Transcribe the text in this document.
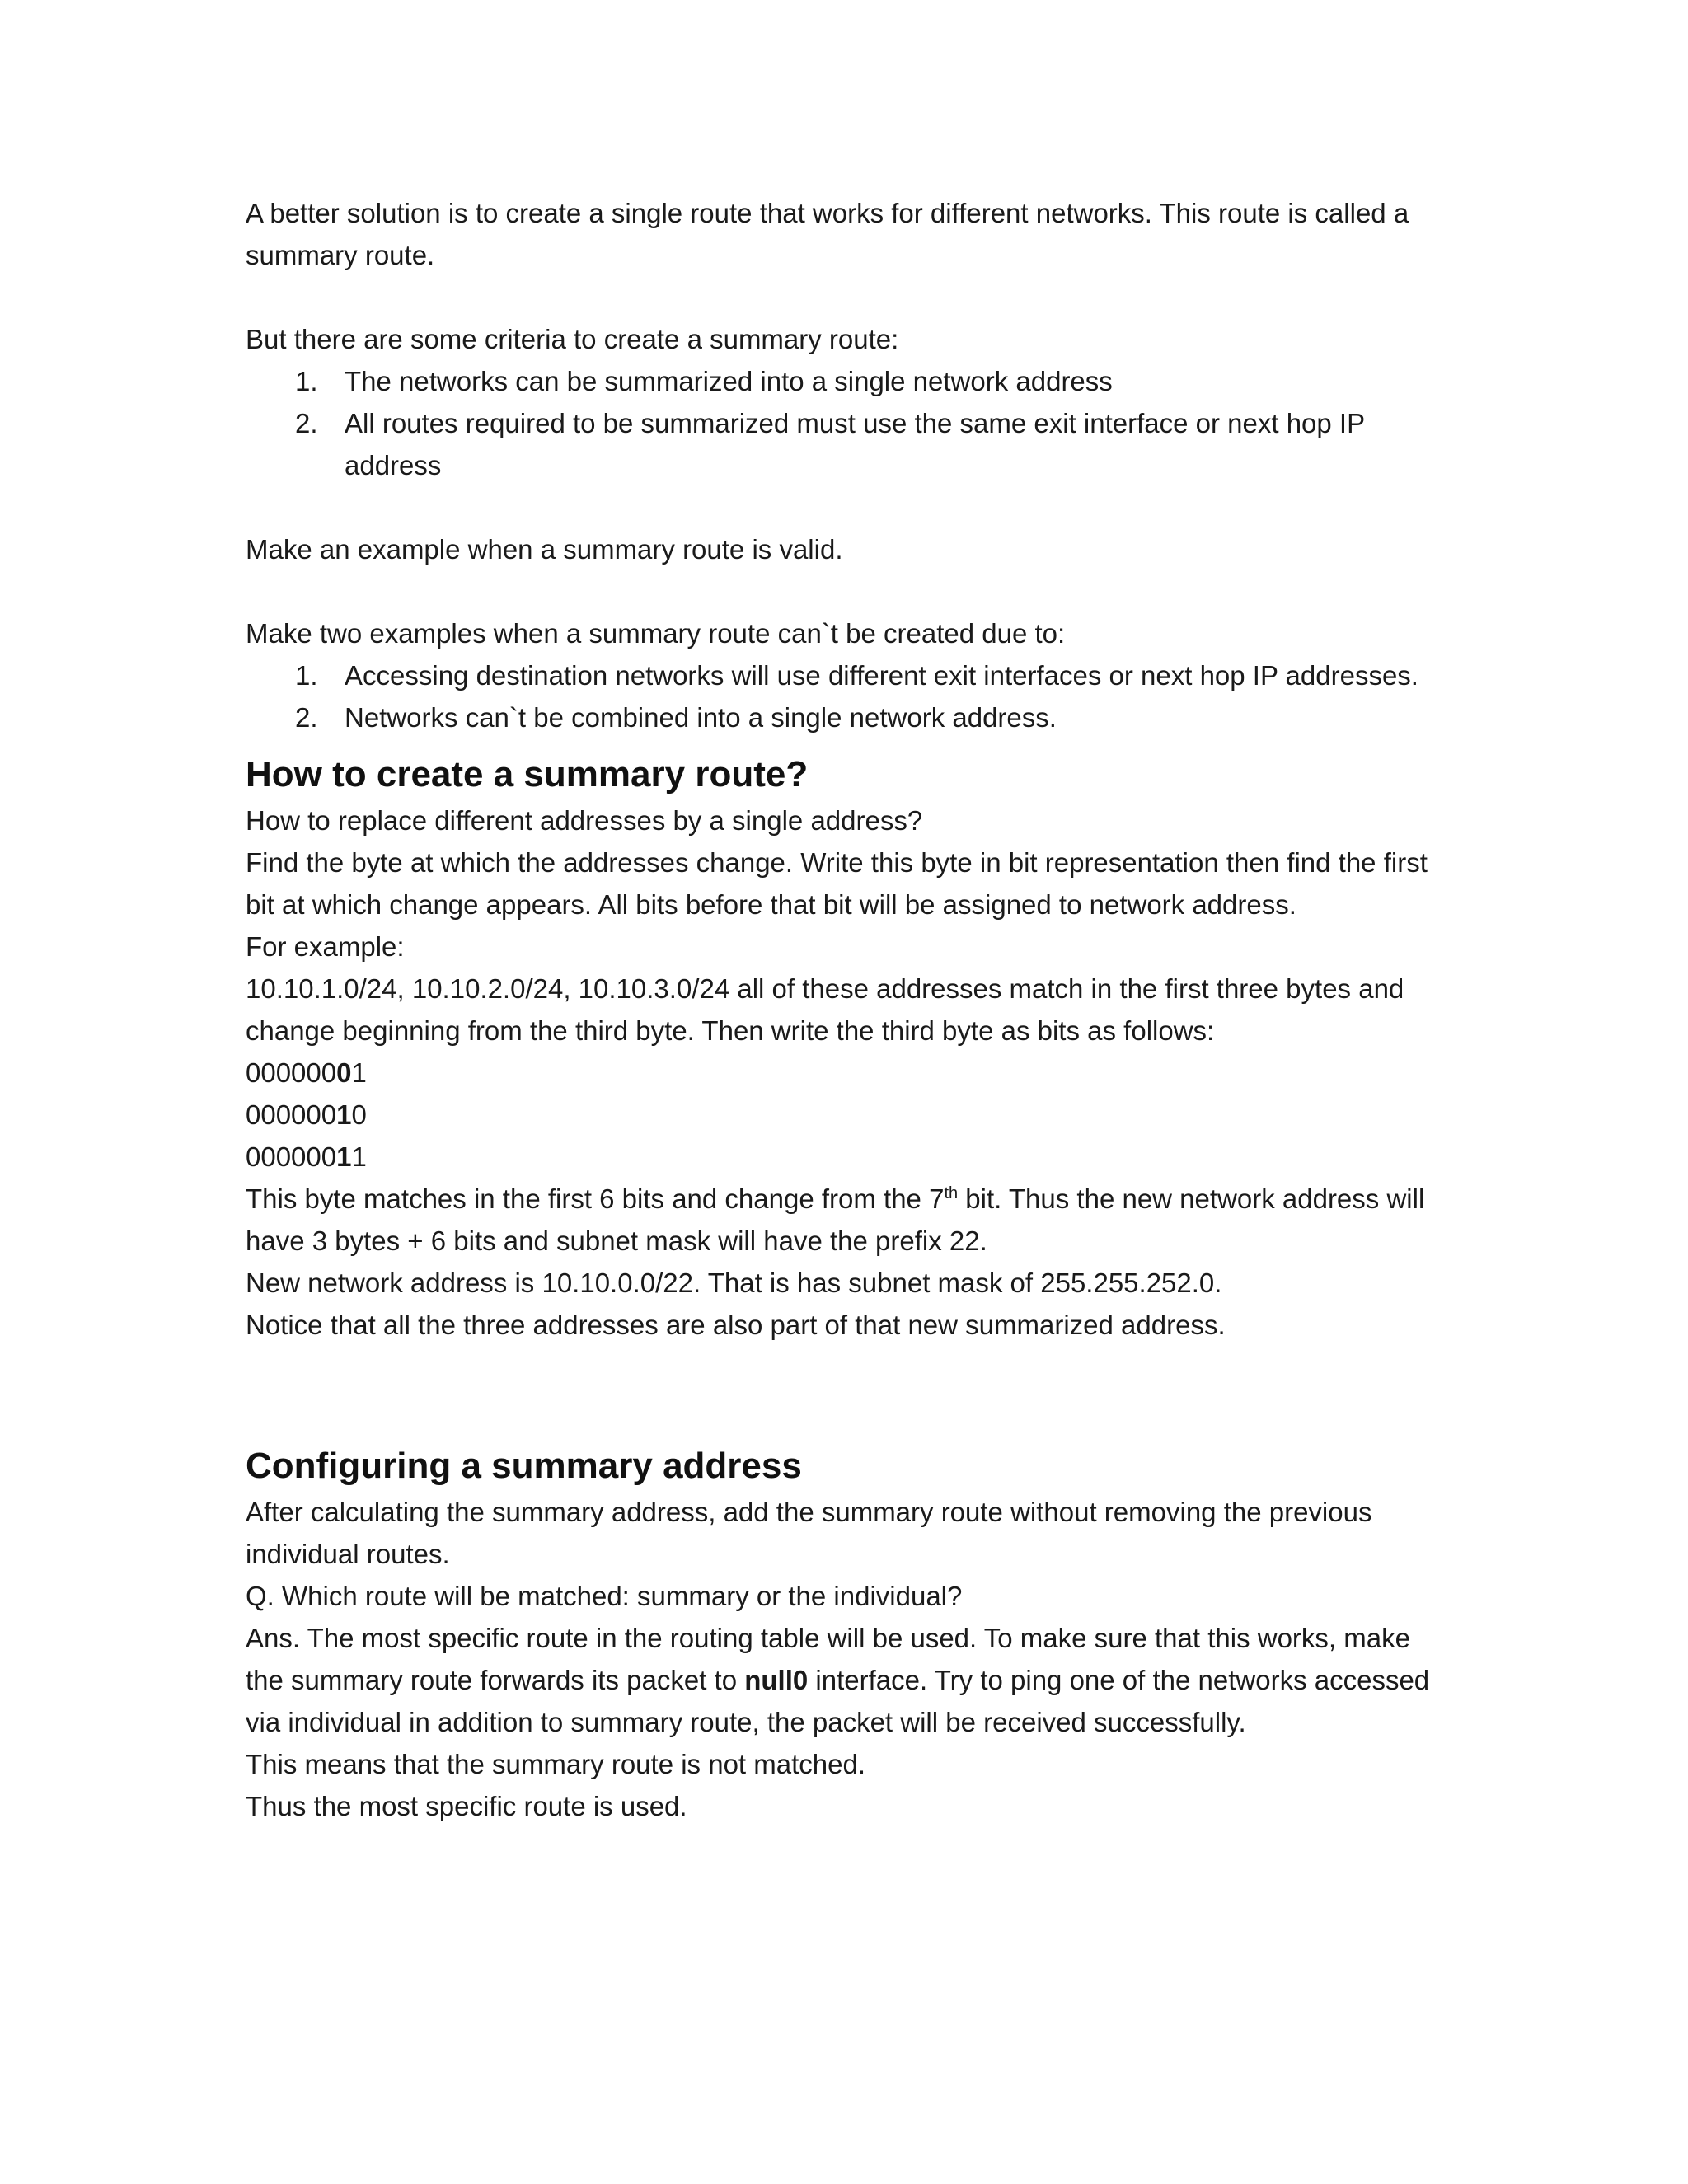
A better solution is to create a single route that works for different networks. This route is called a summary route.

But there are some criteria to create a summary route:

1. The networks can be summarized into a single network address
2. All routes required to be summarized must use the same exit interface or next hop IP address

Make an example when a summary route is valid.

Make two examples when a summary route can`t be created due to:

1. Accessing destination networks will use different exit interfaces or next hop IP addresses.
2. Networks can`t be combined into a single network address.
How to create a summary route?

How to replace different addresses by a single address?

Find the byte at which the addresses change. Write this byte in bit representation then find the first bit at which change appears. All bits before that bit will be assigned to network address.

For example:

10.10.1.0/24, 10.10.2.0/24, 10.10.3.0/24 all of these addresses match in the first three bytes and change beginning from the third byte. Then write the third byte as bits as follows:

00000001

00000010

00000011

This byte matches in the first 6 bits and change from the 7th bit. Thus the new network address will have 3 bytes + 6 bits and subnet mask will have the prefix 22.

New network address is 10.10.0.0/22. That is has subnet mask of 255.255.252.0.

Notice that all the three addresses are also part of that new summarized address.

Configuring a summary address

After calculating the summary address, add the summary route without removing the previous individual routes.

Q. Which route will be matched: summary or the individual?

Ans. The most specific route in the routing table will be used. To make sure that this works, make the summary route forwards its packet to null0 interface. Try to ping one of the networks accessed via individual in addition to summary route, the packet will be received successfully.

This means that the summary route is not matched.

Thus the most specific route is used.
